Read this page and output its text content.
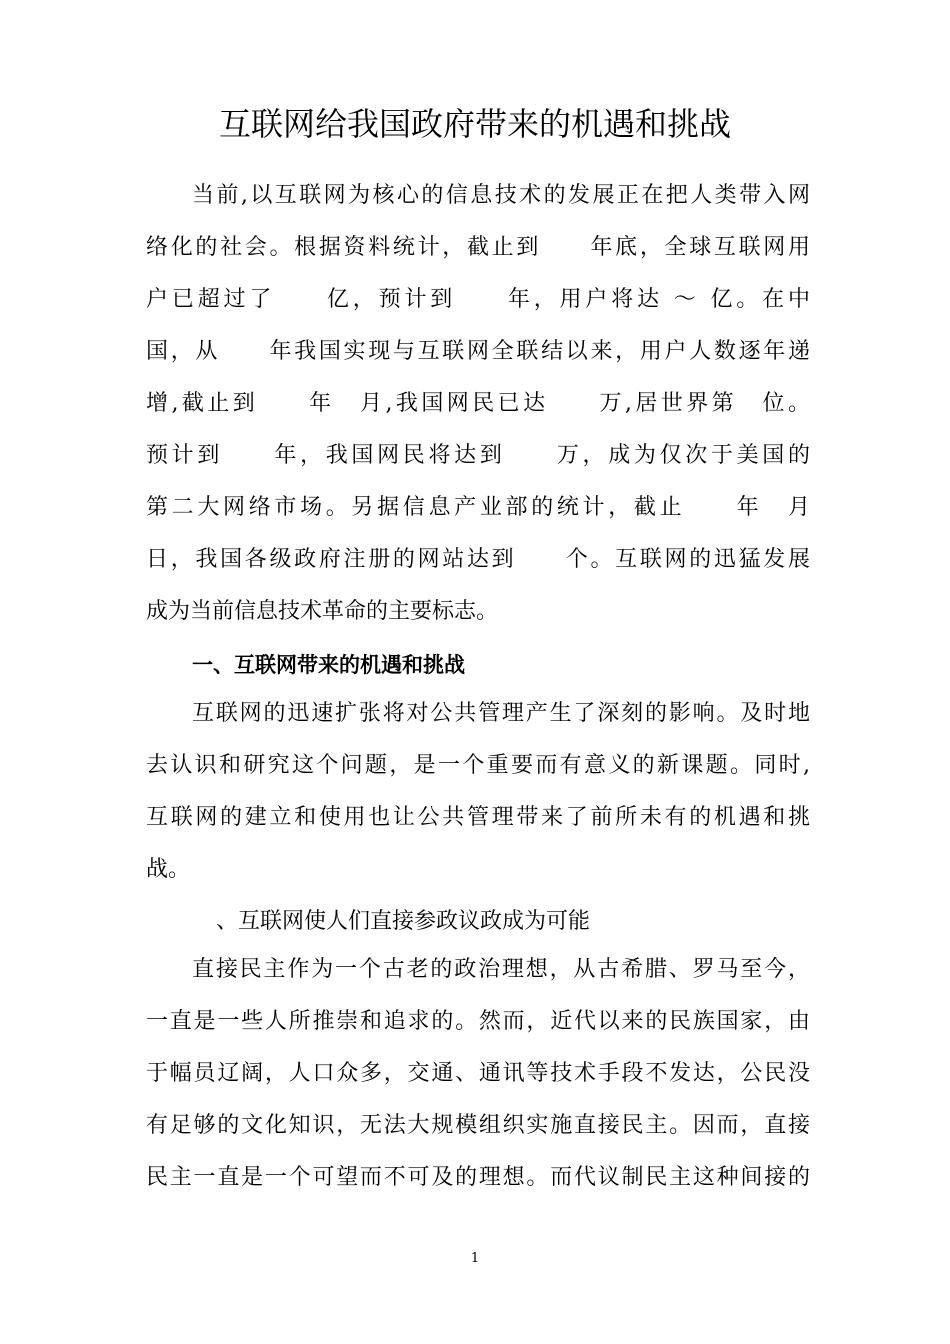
互联网给我国政府带来的机遇和挑战
当前,以互联网为核心的信息技术的发展正在把人类带入网
络化的社会。根据资料统计，截止到　　年底，全球互联网用
户已超过了　　亿，预计到　　年，用户将达 ～ 亿。在中
国，从　　年我国实现与互联网全联结以来，用户人数逐年递
增,截止到　　年　月,我国网民已达　　万,居世界第　位。
预计到　　年，我国网民将达到　　万，成为仅次于美国的
第二大网络市场。另据信息产业部的统计，截止　　年　月
日，我国各级政府注册的网站达到　　个。互联网的迅猛发展
成为当前信息技术革命的主要标志。
一、互联网带来的机遇和挑战
互联网的迅速扩张将对公共管理产生了深刻的影响。及时地
去认识和研究这个问题，是一个重要而有意义的新课题。同时,
互联网的建立和使用也让公共管理带来了前所未有的机遇和挑
战。
、互联网使人们直接参政议政成为可能
直接民主作为一个古老的政治理想，从古希腊、罗马至今，
一直是一些人所推崇和追求的。然而，近代以来的民族国家，由
于幅员辽阔，人口众多，交通、通讯等技术手段不发达，公民没
有足够的文化知识，无法大规模组织实施直接民主。因而，直接
民主一直是一个可望而不可及的理想。而代议制民主这种间接的
1
